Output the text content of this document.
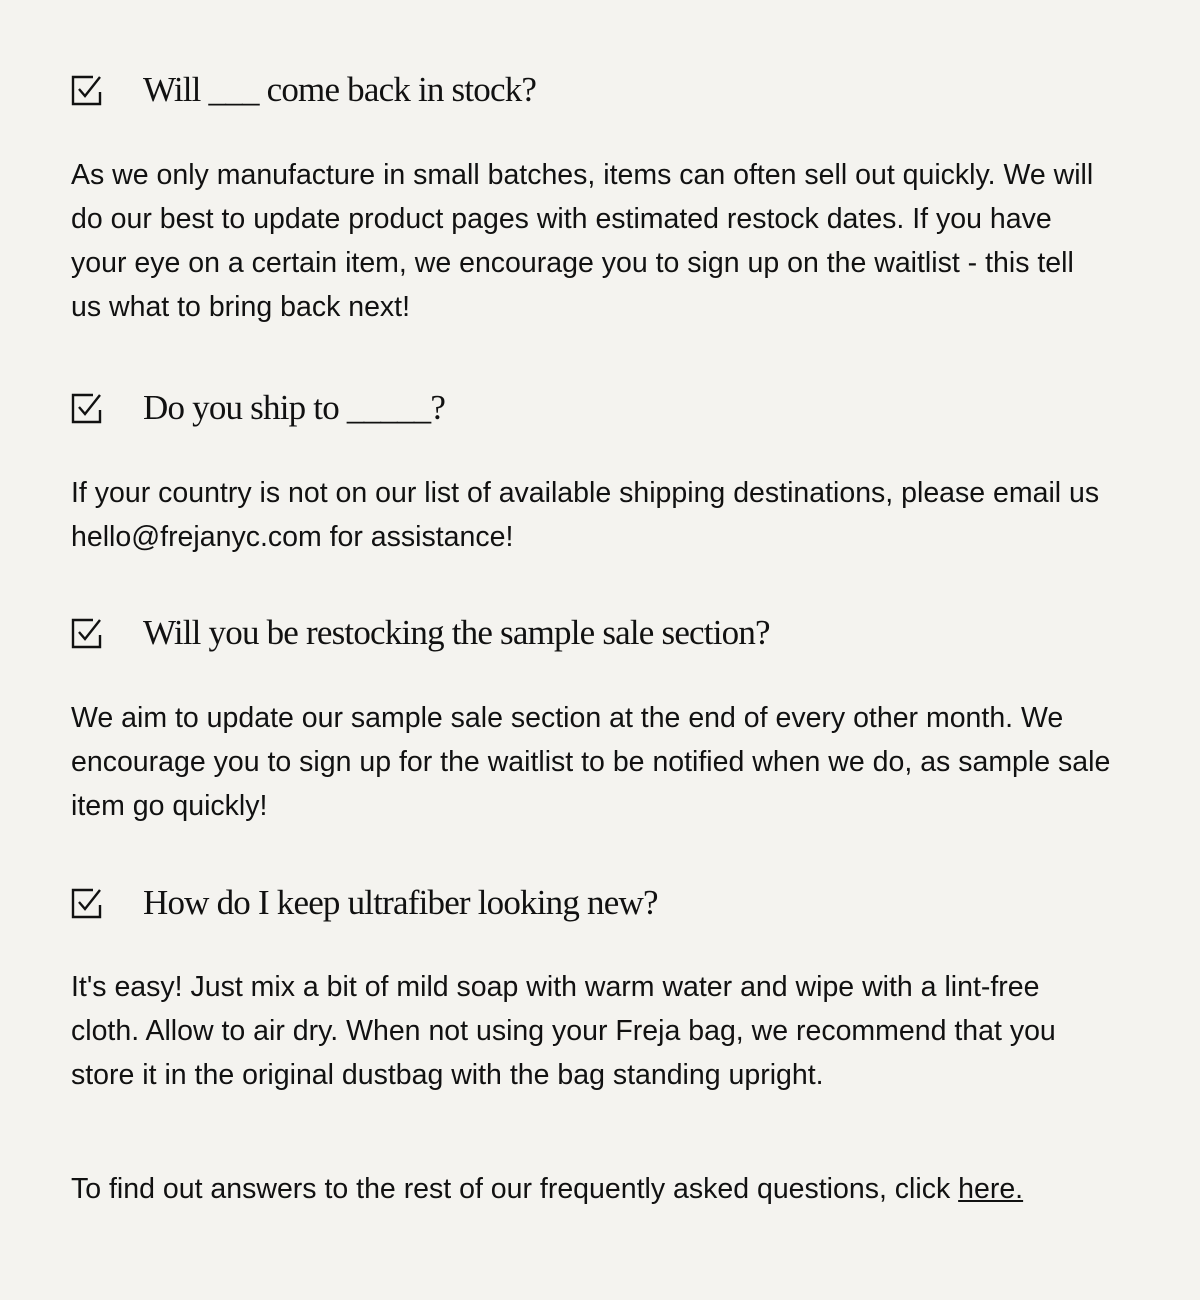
Will ___ come back in stock?
As we only manufacture in small batches, items can often sell out quickly. We will do our best to update product pages with estimated restock dates. If you have your eye on a certain item, we encourage you to sign up on the waitlist - this tell us what to bring back next!
Do you ship to _____?
If your country is not on our list of available shipping destinations, please email us hello@frejanyc.com for assistance!
Will you be restocking the sample sale section?
We aim to update our sample sale section at the end of every other month. We encourage you to sign up for the waitlist to be notified when we do, as sample sale item go quickly!
How do I keep ultrafiber looking new?
It's easy! Just mix a bit of mild soap with warm water and wipe with a lint-free cloth. Allow to air dry. When not using your Freja bag, we recommend that you store it in the original dustbag with the bag standing upright.
To find out answers to the rest of our frequently asked questions, click here.
